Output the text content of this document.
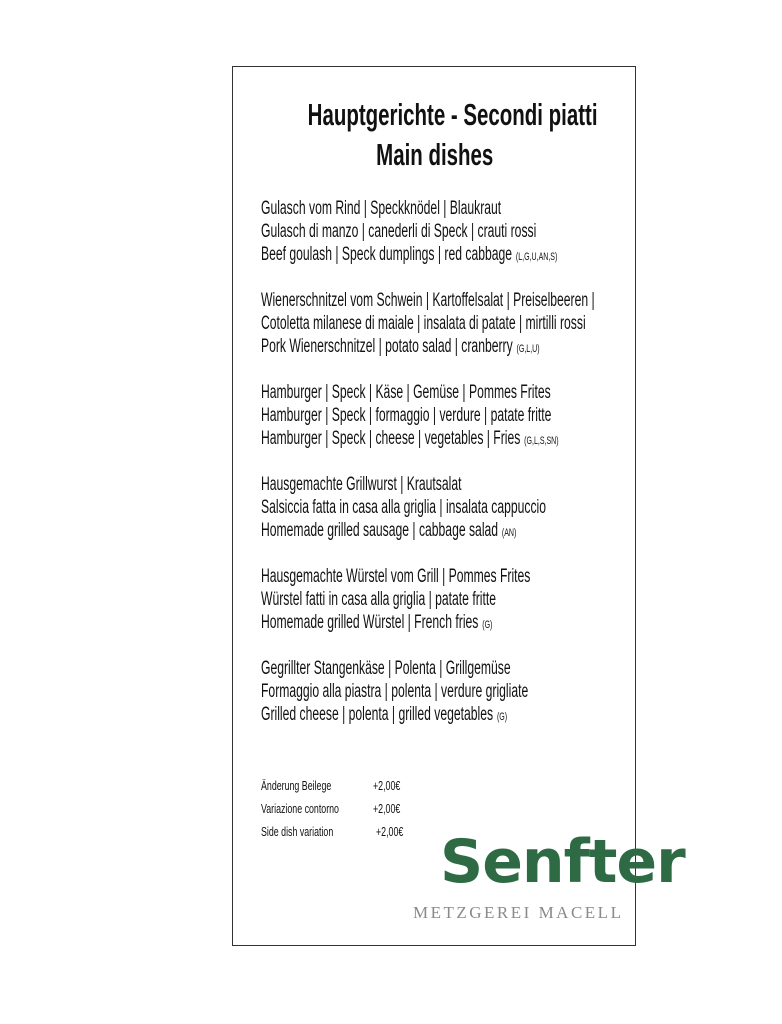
Hauptgerichte - Secondi piatti
Main dishes
Gulasch vom Rind | Speckknödel | Blaukraut
Gulasch di manzo | canederli di Speck | crauti rossi
Beef goulash | Speck dumplings | red cabbage (L,G,U,AN,S)
Wienerschnitzel vom Schwein | Kartoffelsalat | Preiselbeeren |
Cotoletta milanese di maiale | insalata di patate | mirtilli rossi
Pork Wienerschnitzel | potato salad | cranberry (G,L,U)
Hamburger | Speck | Käse | Gemüse | Pommes Frites
Hamburger | Speck | formaggio | verdure | patate fritte
Hamburger | Speck | cheese | vegetables | Fries (G,L,S,SN)
Hausgemachte Grillwurst | Krautsalat
Salsiccia fatta in casa alla griglia | insalata cappuccio
Homemade grilled sausage | cabbage salad (AN)
Hausgemachte Würstel vom Grill | Pommes Frites
Würstel fatti in casa alla griglia | patate fritte
Homemade grilled Würstel | French fries (G)
Gegrillter Stangenkäse | Polenta | Grillgemüse
Formaggio alla piastra | polenta | verdure grigliate
Grilled cheese | polenta | grilled vegetables (G)
Änderung Beilege	+2,00€
Variazione contorno	+2,00€
Side dish variation	+2,00€ Senfter
METZGEREI MACELL
